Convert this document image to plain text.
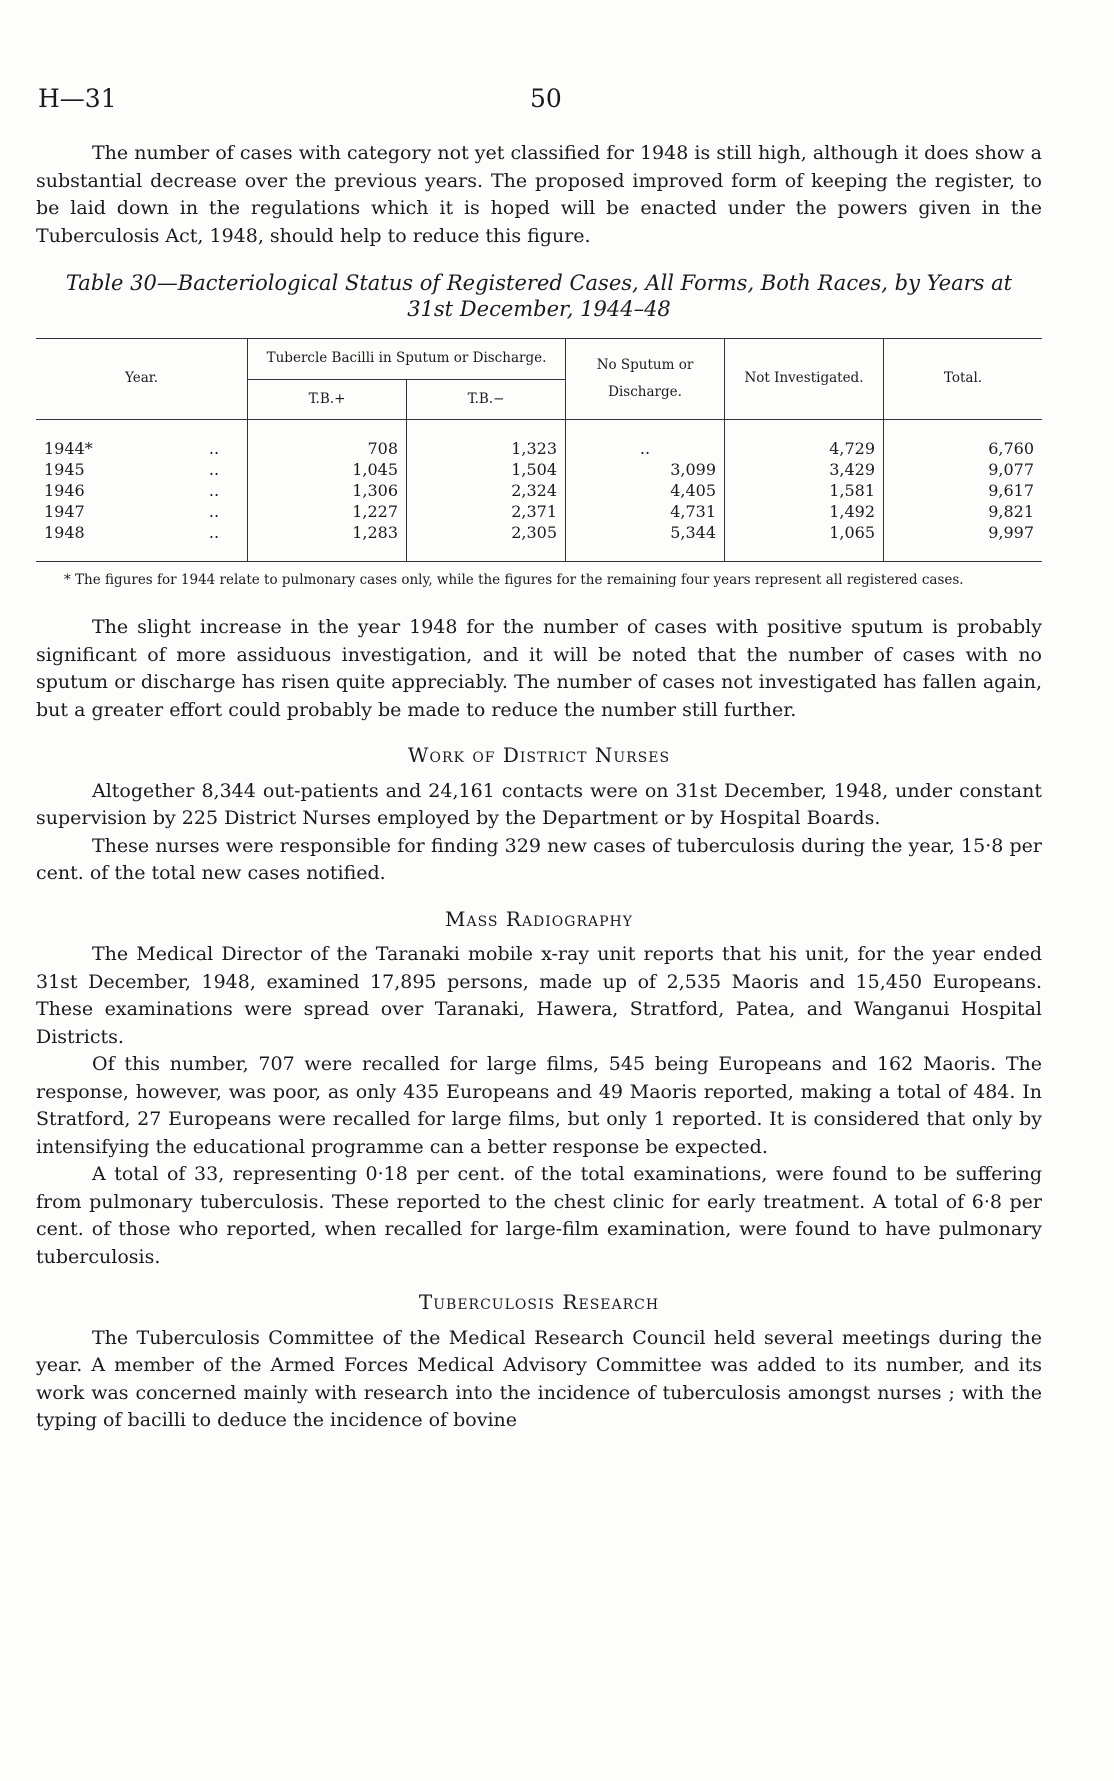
H—31	50

The number of cases with category not yet classified for 1948 is still high, although it does show a substantial decrease over the previous years. The proposed improved form of keeping the register, to be laid down in the regulations which it is hoped will be enacted under the powers given in the Tuberculosis Act, 1948, should help to reduce this figure.

Table 30—Bacteriological Status of Registered Cases, All Forms, Both Races, by Years at 31st December, 1944–48
Year.		Tubercle Bacilli in Sputum or Discharge.		No Sputum or Discharge.	Not Investigated.	Total.
		T.B.+	T.B.−			

1944*	..	708	1,323	..	4,729	6,760
1945	..	1,045	1,504	3,099	3,429	9,077
1946	..	1,306	2,324	4,405	1,581	9,617
1947	..	1,227	2,371	4,731	1,492	9,821
1948	..	1,283	2,305	5,344	1,065	9,997

* The figures for 1944 relate to pulmonary cases only, while the figures for the remaining four years represent all registered cases.

The slight increase in the year 1948 for the number of cases with positive sputum is probably significant of more assiduous investigation, and it will be noted that the number of cases with no sputum or discharge has risen quite appreciably. The number of cases not investigated has fallen again, but a greater effort could probably be made to reduce the number still further.

Work of District Nurses

Altogether 8,344 out-patients and 24,161 contacts were on 31st December, 1948, under constant supervision by 225 District Nurses employed by the Department or by Hospital Boards.

These nurses were responsible for finding 329 new cases of tuberculosis during the year, 15·8 per cent. of the total new cases notified.

Mass Radiography

The Medical Director of the Taranaki mobile x-ray unit reports that his unit, for the year ended 31st December, 1948, examined 17,895 persons, made up of 2,535 Maoris and 15,450 Europeans. These examinations were spread over Taranaki, Hawera, Stratford, Patea, and Wanganui Hospital Districts.

Of this number, 707 were recalled for large films, 545 being Europeans and 162 Maoris. The response, however, was poor, as only 435 Europeans and 49 Maoris reported, making a total of 484. In Stratford, 27 Europeans were recalled for large films, but only 1 reported. It is considered that only by intensifying the educational programme can a better response be expected.

A total of 33, representing 0·18 per cent. of the total examinations, were found to be suffering from pulmonary tuberculosis. These reported to the chest clinic for early treatment. A total of 6·8 per cent. of those who reported, when recalled for large-film examination, were found to have pulmonary tuberculosis.

Tuberculosis Research

The Tuberculosis Committee of the Medical Research Council held several meetings during the year. A member of the Armed Forces Medical Advisory Committee was added to its number, and its work was concerned mainly with research into the incidence of tuberculosis amongst nurses ; with the typing of bacilli to deduce the incidence of bovine
